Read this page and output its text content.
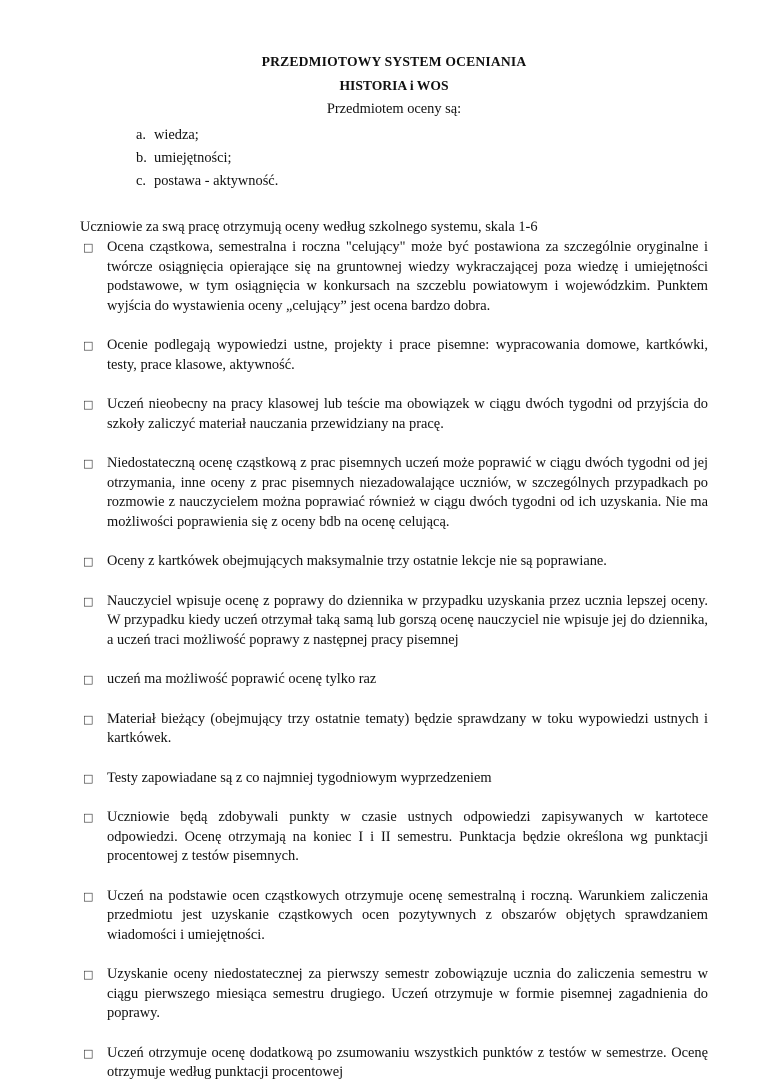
PRZEDMIOTOWY SYSTEM OCENIANIA
HISTORIA i WOS

Przedmiotem oceny są:

a. wiedza;
b. umiejętności;
c. postawa - aktywność.

Uczniowie za swą pracę otrzymują oceny według szkolnego systemu, skala 1-6

□ Ocena cząstkowa, semestralna i roczna "celujący" może być postawiona za szczególnie oryginalne i twórcze osiągnięcia opierające się na gruntownej wiedzy wykraczającej poza wiedzę i umiejętności podstawowe, w tym osiągnięcia w konkursach na szczeblu powiatowym i wojewódzkim. Punktem wyjścia do wystawienia oceny „celujący” jest ocena bardzo dobra.

□ Ocenie podlegają wypowiedzi ustne, projekty i prace pisemne: wypracowania domowe, kartkówki, testy, prace klasowe, aktywność.

□ Uczeń nieobecny na pracy klasowej lub teście ma obowiązek w ciągu dwóch tygodni od przyjścia do szkoły zaliczyć materiał nauczania przewidziany na pracę.

□ Niedostateczną ocenę cząstkową z prac pisemnych uczeń może poprawić w ciągu dwóch tygodni od jej otrzymania, inne oceny z prac pisemnych niezadowalające uczniów, w szczególnych przypadkach po rozmowie z nauczycielem można poprawiać również w ciągu dwóch tygodni od ich uzyskania. Nie ma możliwości poprawienia się z oceny bdb na ocenę celującą.

□ Oceny z kartkówek obejmujących maksymalnie trzy ostatnie lekcje nie są poprawiane.

□ Nauczyciel wpisuje ocenę z poprawy do dziennika w przypadku uzyskania przez ucznia lepszej oceny. W przypadku kiedy uczeń otrzymał taką samą lub gorszą ocenę nauczyciel nie wpisuje jej do dziennika, a uczeń traci możliwość poprawy z następnej pracy pisemnej

□ uczeń ma możliwość poprawić ocenę tylko raz

□ Materiał bieżący (obejmujący trzy ostatnie tematy) będzie sprawdzany w toku wypowiedzi ustnych i kartkówek.

□ Testy zapowiadane są z co najmniej tygodniowym wyprzedzeniem

□ Uczniowie będą zdobywali punkty w czasie ustnych odpowiedzi zapisywanych w kartotece odpowiedzi. Ocenę otrzymają na koniec I i II semestru. Punktacja będzie określona wg punktacji procentowej z testów pisemnych.

□ Uczeń na podstawie ocen cząstkowych otrzymuje ocenę semestralną i roczną. Warunkiem zaliczenia przedmiotu jest uzyskanie cząstkowych ocen pozytywnych z obszarów objętych sprawdzaniem wiadomości i umiejętności.

□ Uzyskanie oceny niedostatecznej za pierwszy semestr zobowiązuje ucznia do zaliczenia semestru w ciągu pierwszego miesiąca semestru drugiego. Uczeń otrzymuje w formie pisemnej zagadnienia do poprawy.

□ Uczeń otrzymuje ocenę dodatkową po zsumowaniu wszystkich punktów z testów w semestrze. Ocenę otrzymuje według punktacji procentowej
